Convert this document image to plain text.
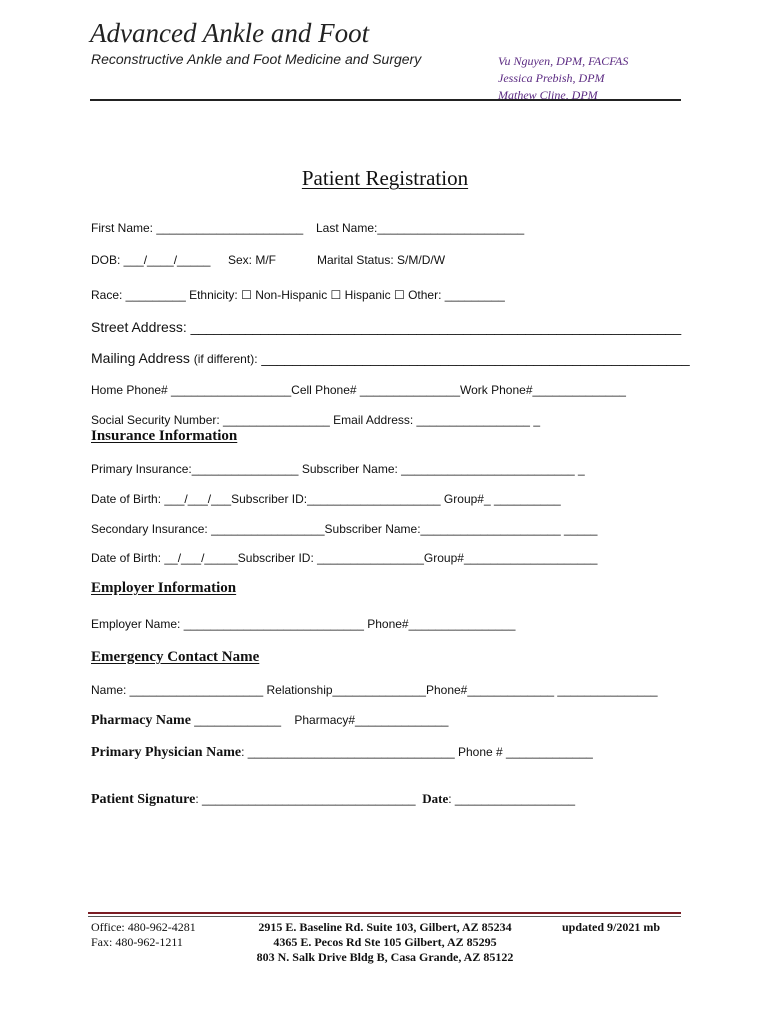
Advanced Ankle and Foot
Reconstructive Ankle and Foot Medicine and Surgery	Vu Nguyen, DPM, FACFAS
Jessica Prebish, DPM
Mathew Cline, DPM
Patient Registration
First Name: ______________________ Last Name:______________________
DOB: ___/____/_____ Sex: M/F	Marital Status: S/M/D/W
Race: _________ Ethnicity: ☐ Non-Hispanic ☐ Hispanic ☐ Other: _________
Street Address: _______________________________________________________________
Mailing Address (if different): _______________________________________________________
Home Phone# __________________Cell Phone# _______________Work Phone#______________
Social Security Number: ________________ Email Address: _________________ _
Insurance Information
Primary Insurance:________________ Subscriber Name: __________________________ _
Date of Birth: ___/___/___Subscriber ID:____________________ Group#_ __________
Secondary Insurance: _________________Subscriber Name:_____________________ _____
Date of Birth: __/___/_____Subscriber ID: ________________Group#____________________
Employer Information
Employer Name: ___________________________ Phone#________________
Emergency Contact Name
Name: ____________________ Relationship______________Phone#_____________ _______________
Pharmacy Name _____________    Pharmacy#______________
Primary Physician Name: _______________________________ Phone # _____________
Patient Signature: ________________________________  Date: __________________
Office: 480-962-4281
Fax: 480-962-1211
2915 E. Baseline Rd. Suite 103, Gilbert, AZ 85234
4365 E. Pecos Rd Ste 105 Gilbert, AZ 85295
803 N. Salk Drive Bldg B, Casa Grande, AZ 85122
updated 9/2021 mb
